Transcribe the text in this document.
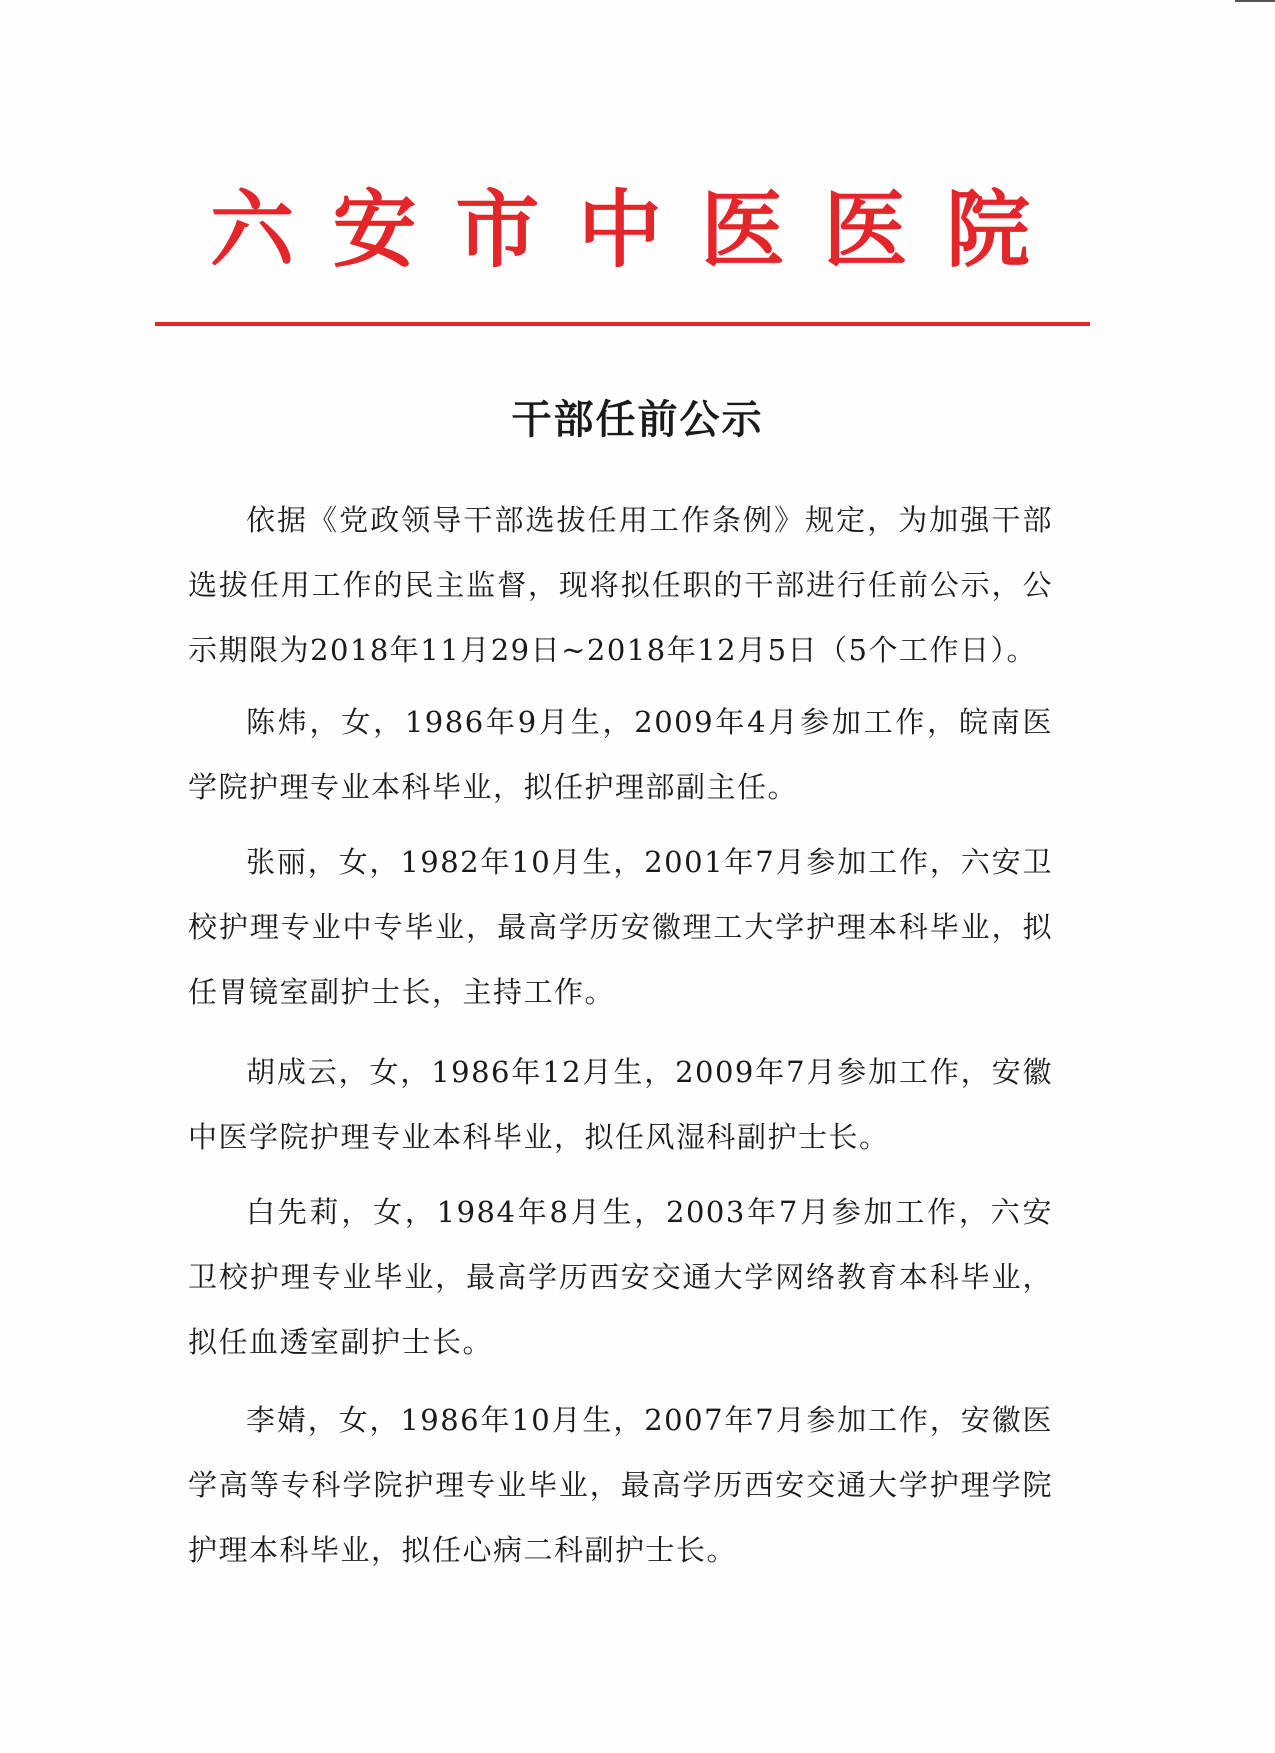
六 安 市 中 医 医 院
干部任前公示

依据《党政领导干部选拔任用工作条例》规定，为加强干部选拔任用工作的民主监督，现将拟任职的干部进行任前公示，公示期限为2018年11月29日~2018年12月5日（5个工作日）。

陈炜，女，1986年9月生，2009年4月参加工作，皖南医学院护理专业本科毕业，拟任护理部副主任。

张丽，女，1982年10月生，2001年7月参加工作，六安卫校护理专业中专毕业，最高学历安徽理工大学护理本科毕业，拟任胃镜室副护士长，主持工作。

胡成云，女，1986年12月生，2009年7月参加工作，安徽中医学院护理专业本科毕业，拟任风湿科副护士长。

白先莉，女，1984年8月生，2003年7月参加工作，六安卫校护理专业毕业，最高学历西安交通大学网络教育本科毕业，拟任血透室副护士长。

李婧，女，1986年10月生，2007年7月参加工作，安徽医学高等专科学院护理专业毕业，最高学历西安交通大学护理学院护理本科毕业，拟任心病二科副护士长。
